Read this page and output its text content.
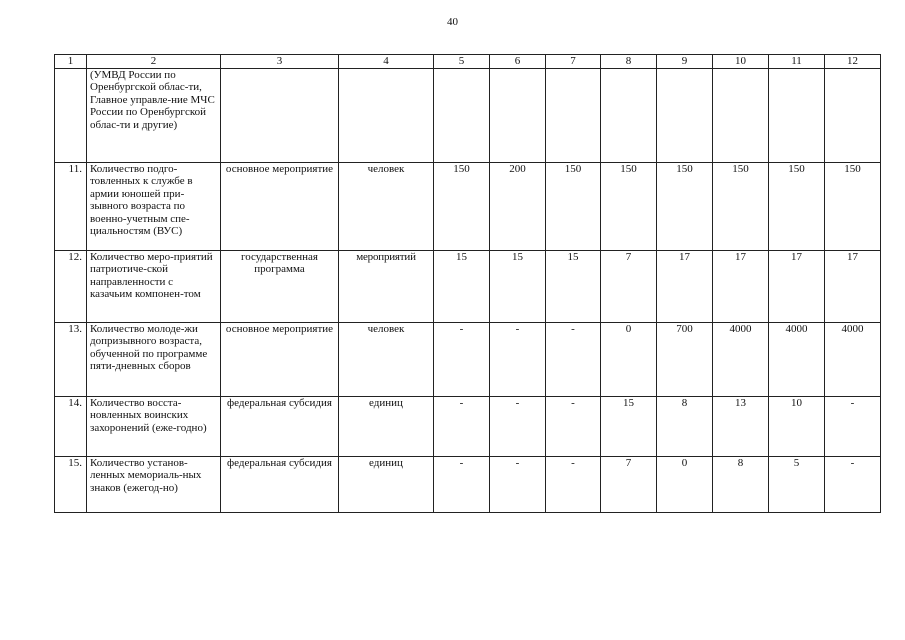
40
1	2	3	4	5	6	7	8	9	10	11	12
	(УМВД России по Оренбургской облас-ти, Главное управле-ние МЧС России по Оренбургской облас-ти и другие)										
11.	Количество подго-товленных к службе в армии юношей при-зывного возраста по военно-учетным спе-циальностям (ВУС)	основное мероприятие	человек	150	200	150	150	150	150	150	150
12.	Количество меро-приятий патриотиче-ской направленности с казачьим компонен-том	государственная программа	мероприятий	15	15	15	7	17	17	17	17
13.	Количество молоде-жи допризывного возраста, обученной по программе пяти-дневных сборов	основное мероприятие	человек	-	-	-	0	700	4000	4000	4000
14.	Количество восста-новленных воинских захоронений (еже-годно)	федеральная субсидия	единиц	-	-	-	15	8	13	10	-
15.	Количество установ-ленных мемориаль-ных знаков (ежегод-но)	федеральная субсидия	единиц	-	-	-	7	0	8	5	-
